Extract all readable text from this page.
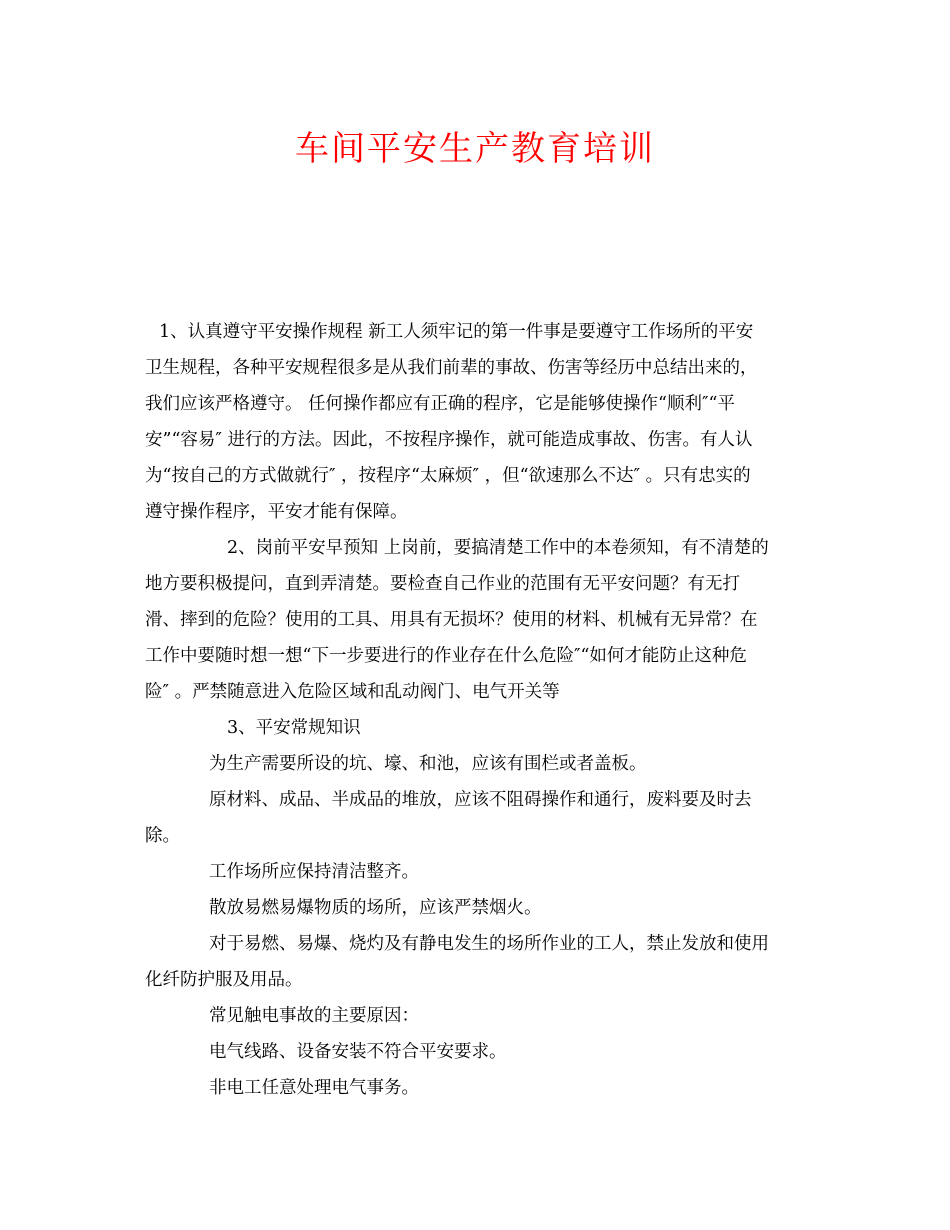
车间平安生产教育培训
1、认真遵守平安操作规程 新工人须牢记的第一件事是要遵守工作场所的平安
卫生规程，各种平安规程很多是从我们前辈的事故、伤害等经历中总结出来的，
我们应该严格遵守。 任何操作都应有正确的程序，它是能够使操作“顺利″“平
安”“容易″ 进行的方法。因此，不按程序操作，就可能造成事故、伤害。有人认
为“按自己的方式做就行″ ，按程序“太麻烦″ ，但“欲速那么不达″ 。只有忠实的
遵守操作程序，平安才能有保障。
2、岗前平安早预知 上岗前，要搞清楚工作中的本卷须知，有不清楚的
地方要积极提问，直到弄清楚。要检查自己作业的范围有无平安问题？有无打
滑、摔到的危险？使用的工具、用具有无损坏？使用的材料、机械有无异常？在
工作中要随时想一想“下一步要进行的作业存在什么危险″“如何才能防止这种危
险″ 。严禁随意进入危险区域和乱动阀门、电气开关等
3、平安常规知识
为生产需要所设的坑、壕、和池，应该有围栏或者盖板。
原材料、成品、半成品的堆放，应该不阻碍操作和通行，废料要及时去
除。
工作场所应保持清洁整齐。
散放易燃易爆物质的场所，应该严禁烟火。
对于易燃、易爆、烧灼及有静电发生的场所作业的工人，禁止发放和使用
化纤防护服及用品。
常见触电事故的主要原因：
电气线路、设备安装不符合平安要求。
非电工任意处理电气事务。
